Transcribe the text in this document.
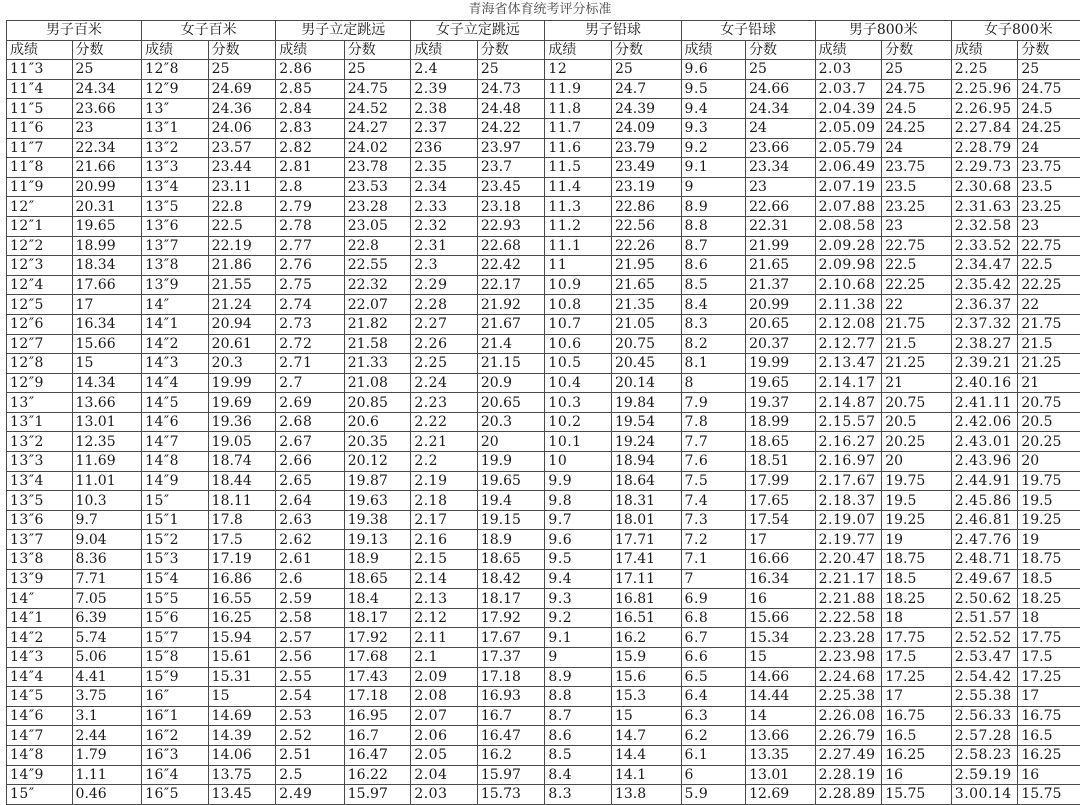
青海省体育统考评分标准
男子百米		女子百米		男子立定跳远		女子立定跳远		男子铅球		女子铅球		男子800米		女子800米	
成绩	分数	成绩	分数	成绩	分数	成绩	分数	成绩	分数	成绩	分数	成绩	分数	成绩	分数
11″3	25	12″8	25	2.86	25	2.4	25	12	25	9.6	25	2.03	25	2.25	25
11″4	24.34	12″9	24.69	2.85	24.75	2.39	24.73	11.9	24.7	9.5	24.66	2.03.7	24.75	2.25.96	24.75
11″5	23.66	13″	24.36	2.84	24.52	2.38	24.48	11.8	24.39	9.4	24.34	2.04.39	24.5	2.26.95	24.5
11″6	23	13″1	24.06	2.83	24.27	2.37	24.22	11.7	24.09	9.3	24	2.05.09	24.25	2.27.84	24.25
11″7	22.34	13″2	23.57	2.82	24.02	236	23.97	11.6	23.79	9.2	23.66	2.05.79	24	2.28.79	24
11″8	21.66	13″3	23.44	2.81	23.78	2.35	23.7	11.5	23.49	9.1	23.34	2.06.49	23.75	2.29.73	23.75
11″9	20.99	13″4	23.11	2.8	23.53	2.34	23.45	11.4	23.19	9	23	2.07.19	23.5	2.30.68	23.5
12″	20.31	13″5	22.8	2.79	23.28	2.33	23.18	11.3	22.86	8.9	22.66	2.07.88	23.25	2.31.63	23.25
12″1	19.65	13″6	22.5	2.78	23.05	2.32	22.93	11.2	22.56	8.8	22.31	2.08.58	23	2.32.58	23
12″2	18.99	13″7	22.19	2.77	22.8	2.31	22.68	11.1	22.26	8.7	21.99	2.09.28	22.75	2.33.52	22.75
12″3	18.34	13″8	21.86	2.76	22.55	2.3	22.42	11	21.95	8.6	21.65	2.09.98	22.5	2.34.47	22.5
12″4	17.66	13″9	21.55	2.75	22.32	2.29	22.17	10.9	21.65	8.5	21.37	2.10.68	22.25	2.35.42	22.25
12″5	17	14″	21.24	2.74	22.07	2.28	21.92	10.8	21.35	8.4	20.99	2.11.38	22	2.36.37	22
12″6	16.34	14″1	20.94	2.73	21.82	2.27	21.67	10.7	21.05	8.3	20.65	2.12.08	21.75	2.37.32	21.75
12″7	15.66	14″2	20.61	2.72	21.58	2.26	21.4	10.6	20.75	8.2	20.37	2.12.77	21.5	2.38.27	21.5
12″8	15	14″3	20.3	2.71	21.33	2.25	21.15	10.5	20.45	8.1	19.99	2.13.47	21.25	2.39.21	21.25
12″9	14.34	14″4	19.99	2.7	21.08	2.24	20.9	10.4	20.14	8	19.65	2.14.17	21	2.40.16	21
13″	13.66	14″5	19.69	2.69	20.85	2.23	20.65	10.3	19.84	7.9	19.37	2.14.87	20.75	2.41.11	20.75
13″1	13.01	14″6	19.36	2.68	20.6	2.22	20.3	10.2	19.54	7.8	18.99	2.15.57	20.5	2.42.06	20.5
13″2	12.35	14″7	19.05	2.67	20.35	2.21	20	10.1	19.24	7.7	18.65	2.16.27	20.25	2.43.01	20.25
13″3	11.69	14″8	18.74	2.66	20.12	2.2	19.9	10	18.94	7.6	18.51	2.16.97	20	2.43.96	20
13″4	11.01	14″9	18.44	2.65	19.87	2.19	19.65	9.9	18.64	7.5	17.99	2.17.67	19.75	2.44.91	19.75
13″5	10.3	15″	18.11	2.64	19.63	2.18	19.4	9.8	18.31	7.4	17.65	2.18.37	19.5	2.45.86	19.5
13″6	9.7	15″1	17.8	2.63	19.38	2.17	19.15	9.7	18.01	7.3	17.54	2.19.07	19.25	2.46.81	19.25
13″7	9.04	15″2	17.5	2.62	19.13	2.16	18.9	9.6	17.71	7.2	17	2.19.77	19	2.47.76	19
13″8	8.36	15″3	17.19	2.61	18.9	2.15	18.65	9.5	17.41	7.1	16.66	2.20.47	18.75	2.48.71	18.75
13″9	7.71	15″4	16.86	2.6	18.65	2.14	18.42	9.4	17.11	7	16.34	2.21.17	18.5	2.49.67	18.5
14″	7.05	15″5	16.55	2.59	18.4	2.13	18.17	9.3	16.81	6.9	16	2.21.88	18.25	2.50.62	18.25
14″1	6.39	15″6	16.25	2.58	18.17	2.12	17.92	9.2	16.51	6.8	15.66	2.22.58	18	2.51.57	18
14″2	5.74	15″7	15.94	2.57	17.92	2.11	17.67	9.1	16.2	6.7	15.34	2.23.28	17.75	2.52.52	17.75
14″3	5.06	15″8	15.61	2.56	17.68	2.1	17.37	9	15.9	6.6	15	2.23.98	17.5	2.53.47	17.5
14″4	4.41	15″9	15.31	2.55	17.43	2.09	17.18	8.9	15.6	6.5	14.66	2.24.68	17.25	2.54.42	17.25
14″5	3.75	16″	15	2.54	17.18	2.08	16.93	8.8	15.3	6.4	14.44	2.25.38	17	2.55.38	17
14″6	3.1	16″1	14.69	2.53	16.95	2.07	16.7	8.7	15	6.3	14	2.26.08	16.75	2.56.33	16.75
14″7	2.44	16″2	14.39	2.52	16.7	2.06	16.47	8.6	14.7	6.2	13.66	2.26.79	16.5	2.57.28	16.5
14″8	1.79	16″3	14.06	2.51	16.47	2.05	16.2	8.5	14.4	6.1	13.35	2.27.49	16.25	2.58.23	16.25
14″9	1.11	16″4	13.75	2.5	16.22	2.04	15.97	8.4	14.1	6	13.01	2.28.19	16	2.59.19	16
15″	0.46	16″5	13.45	2.49	15.97	2.03	15.73	8.3	13.8	5.9	12.69	2.28.89	15.75	3.00.14	15.75
